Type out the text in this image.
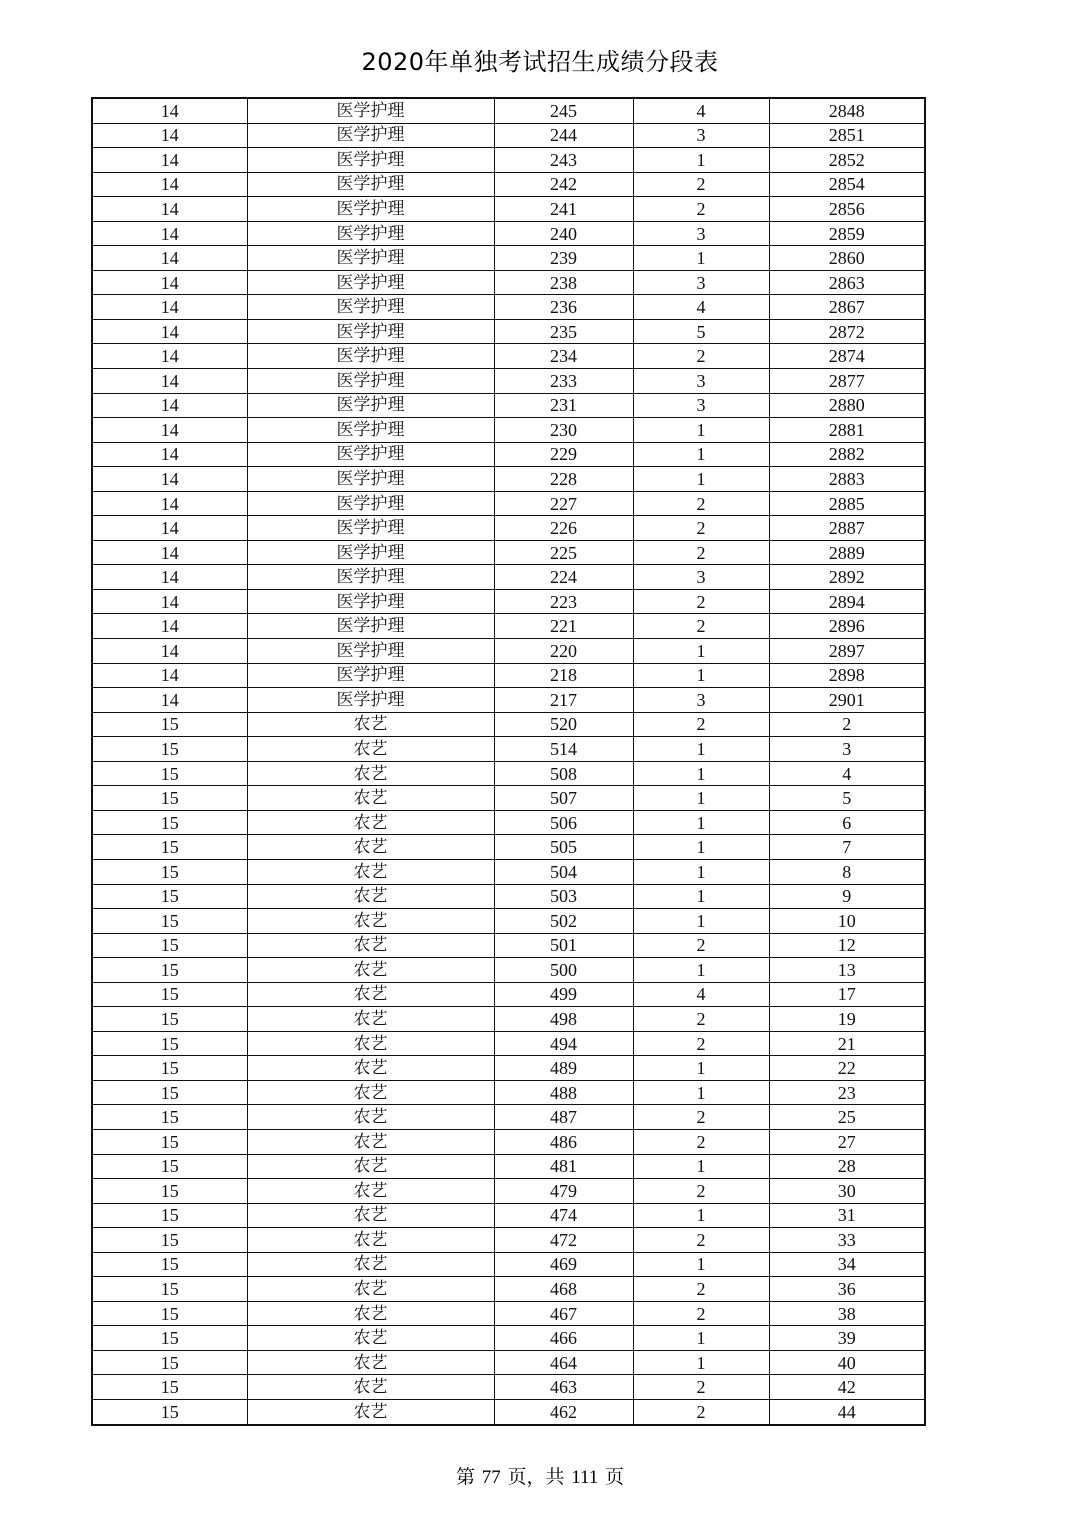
2020年单独考试招生成绩分段表
14	医学护理	245	4	2848
14	医学护理	244	3	2851
14	医学护理	243	1	2852
14	医学护理	242	2	2854
14	医学护理	241	2	2856
14	医学护理	240	3	2859
14	医学护理	239	1	2860
14	医学护理	238	3	2863
14	医学护理	236	4	2867
14	医学护理	235	5	2872
14	医学护理	234	2	2874
14	医学护理	233	3	2877
14	医学护理	231	3	2880
14	医学护理	230	1	2881
14	医学护理	229	1	2882
14	医学护理	228	1	2883
14	医学护理	227	2	2885
14	医学护理	226	2	2887
14	医学护理	225	2	2889
14	医学护理	224	3	2892
14	医学护理	223	2	2894
14	医学护理	221	2	2896
14	医学护理	220	1	2897
14	医学护理	218	1	2898
14	医学护理	217	3	2901
15	农艺	520	2	2
15	农艺	514	1	3
15	农艺	508	1	4
15	农艺	507	1	5
15	农艺	506	1	6
15	农艺	505	1	7
15	农艺	504	1	8
15	农艺	503	1	9
15	农艺	502	1	10
15	农艺	501	2	12
15	农艺	500	1	13
15	农艺	499	4	17
15	农艺	498	2	19
15	农艺	494	2	21
15	农艺	489	1	22
15	农艺	488	1	23
15	农艺	487	2	25
15	农艺	486	2	27
15	农艺	481	1	28
15	农艺	479	2	30
15	农艺	474	1	31
15	农艺	472	2	33
15	农艺	469	1	34
15	农艺	468	2	36
15	农艺	467	2	38
15	农艺	466	1	39
15	农艺	464	1	40
15	农艺	463	2	42
15	农艺	462	2	44
第 77 页，共 111 页
